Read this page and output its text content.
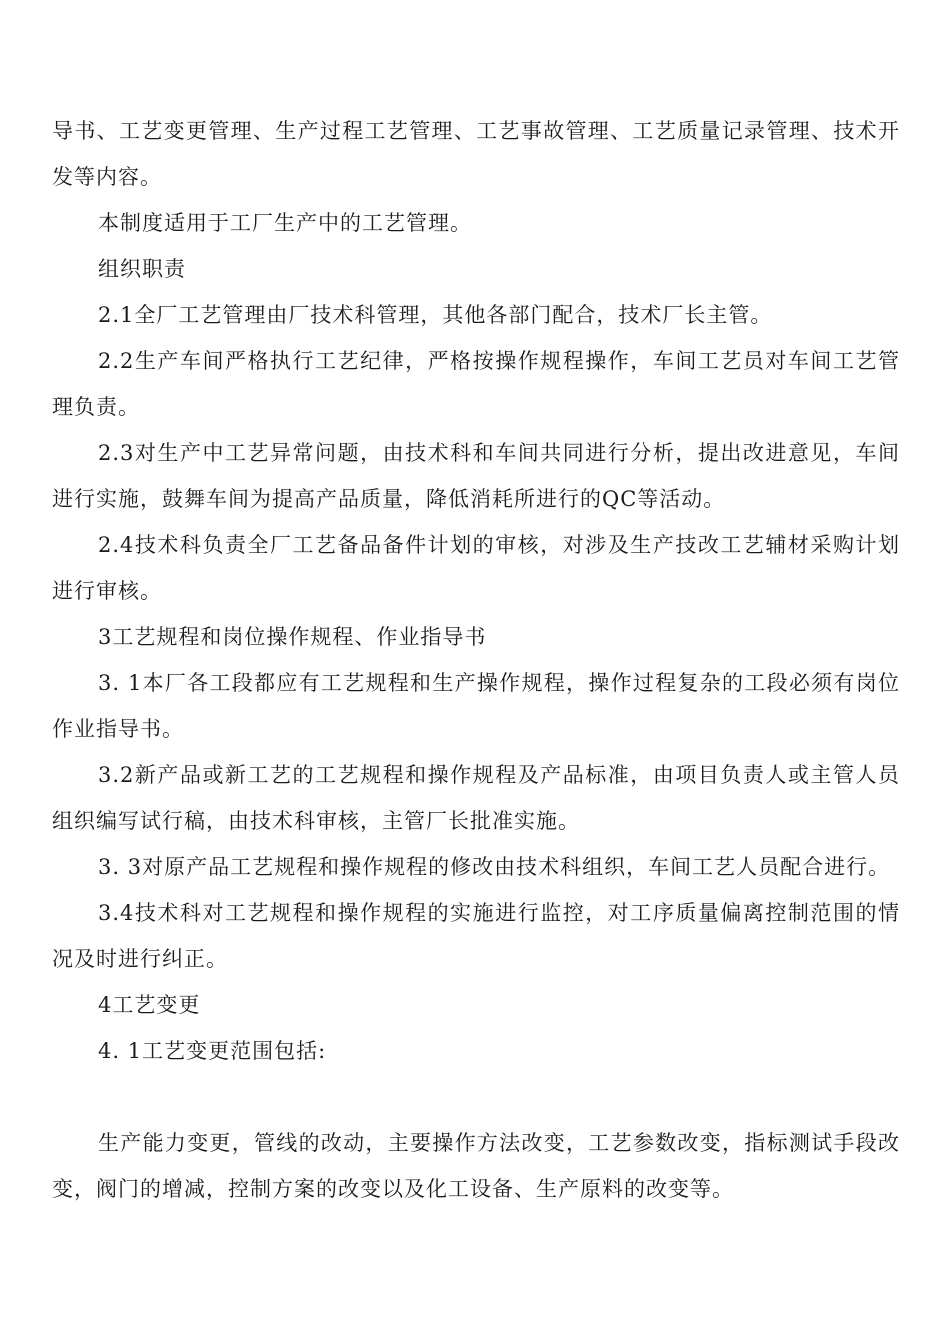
导书、工艺变更管理、生产过程工艺管理、工艺事故管理、工艺质量记录管理、技术开发等内容。

本制度适用于工厂生产中的工艺管理。

组织职责

2.1全厂工艺管理由厂技术科管理，其他各部门配合，技术厂长主管。

2.2生产车间严格执行工艺纪律，严格按操作规程操作，车间工艺员对车间工艺管理负责。

2.3对生产中工艺异常问题，由技术科和车间共同进行分析，提出改进意见，车间进行实施，鼓舞车间为提高产品质量，降低消耗所进行的QC等活动。

2.4技术科负责全厂工艺备品备件计划的审核，对涉及生产技改工艺辅材采购计划进行审核。

3工艺规程和岗位操作规程、作业指导书

3. 1本厂各工段都应有工艺规程和生产操作规程，操作过程复杂的工段必须有岗位作业指导书。

3.2新产品或新工艺的工艺规程和操作规程及产品标准，由项目负责人或主管人员组织编写试行稿，由技术科审核，主管厂长批准实施。

3. 3对原产品工艺规程和操作规程的修改由技术科组织，车间工艺人员配合进行。

3.4技术科对工艺规程和操作规程的实施进行监控，对工序质量偏离控制范围的情况及时进行纠正。

4工艺变更

4. 1工艺变更范围包括:

生产能力变更，管线的改动，主要操作方法改变，工艺参数改变，指标测试手段改变，阀门的增减，控制方案的改变以及化工设备、生产原料的改变等。
